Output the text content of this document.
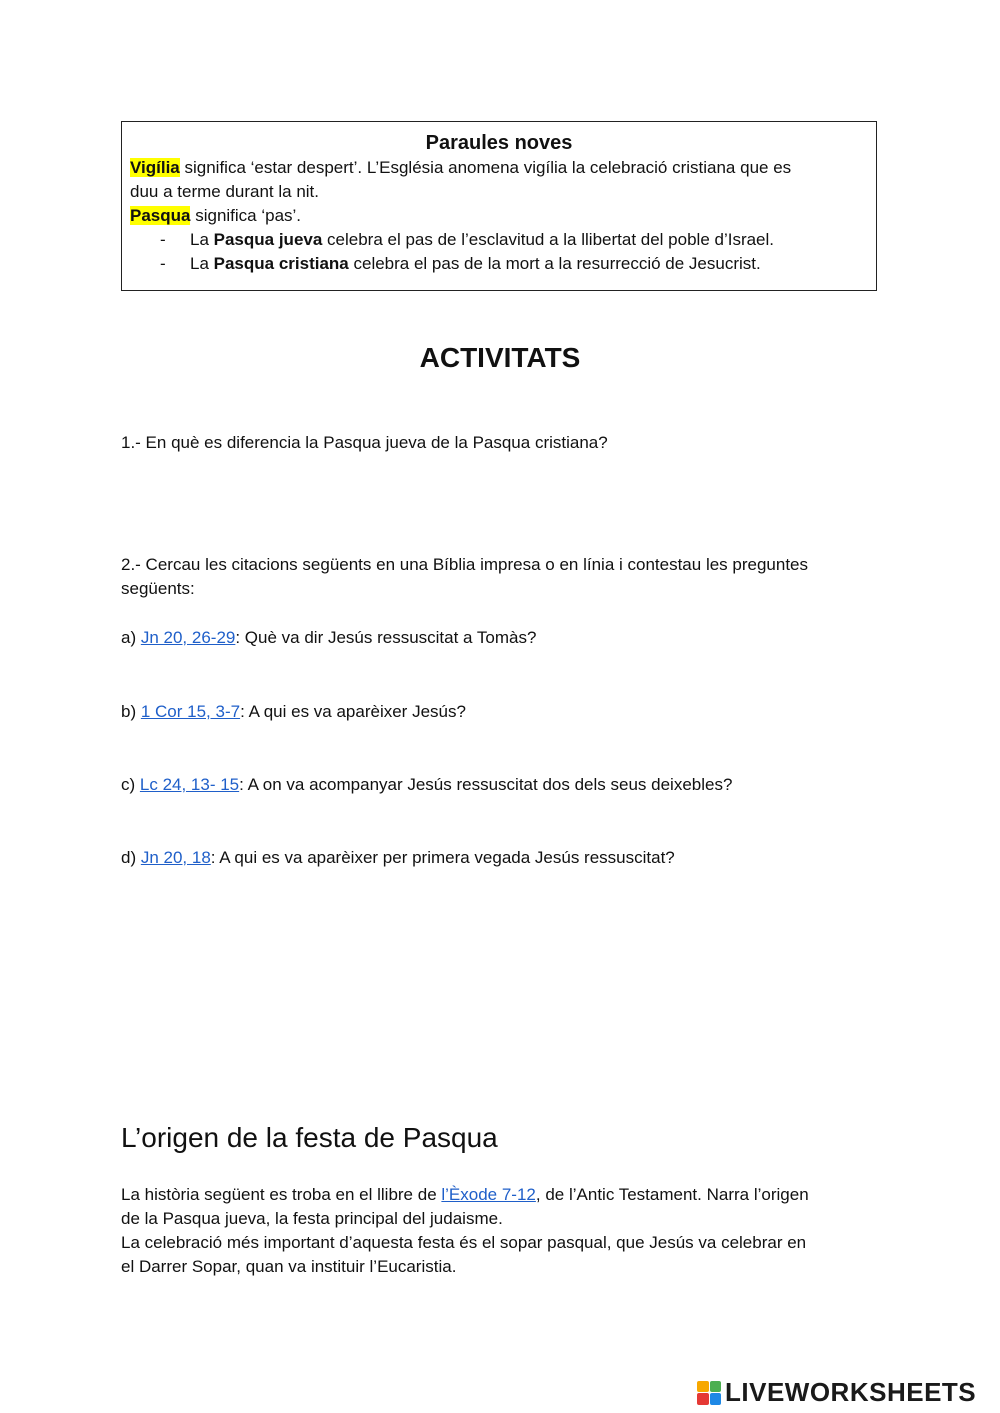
Paraules noves
Vigília significa ‘estar despert’. L’Església anomena vigília la celebració cristiana que es
duu a terme durant la nit.
Pasqua significa ‘pas’.
-	La Pasqua jueva celebra el pas de l’esclavitud a la llibertat del poble d’Israel.
-	La Pasqua cristiana celebra el pas de la mort a la resurrecció de Jesucrist.
ACTIVITATS
1.- En què es diferencia la Pasqua jueva de la Pasqua cristiana?
2.- Cercau les citacions següents en una Bíblia impresa o en línia i contestau les preguntes
següents:
a) Jn 20, 26-29: Què va dir Jesús ressuscitat a Tomàs?
b) 1 Cor 15, 3-7: A qui es va aparèixer Jesús?
c) Lc 24, 13- 15: A on va acompanyar Jesús ressuscitat dos dels seus deixebles?
d) Jn 20, 18: A qui es va aparèixer per primera vegada Jesús ressuscitat?
L’origen de la festa de Pasqua
La història següent es troba en el llibre de l’Èxode 7-12, de l’Antic Testament. Narra l’origen
de la Pasqua jueva, la festa principal del judaisme.
La celebració més important d’aquesta festa és el sopar pasqual, que Jesús va celebrar en
el Darrer Sopar, quan va instituir l’Eucaristia.
LIVEWORKSHEETS
